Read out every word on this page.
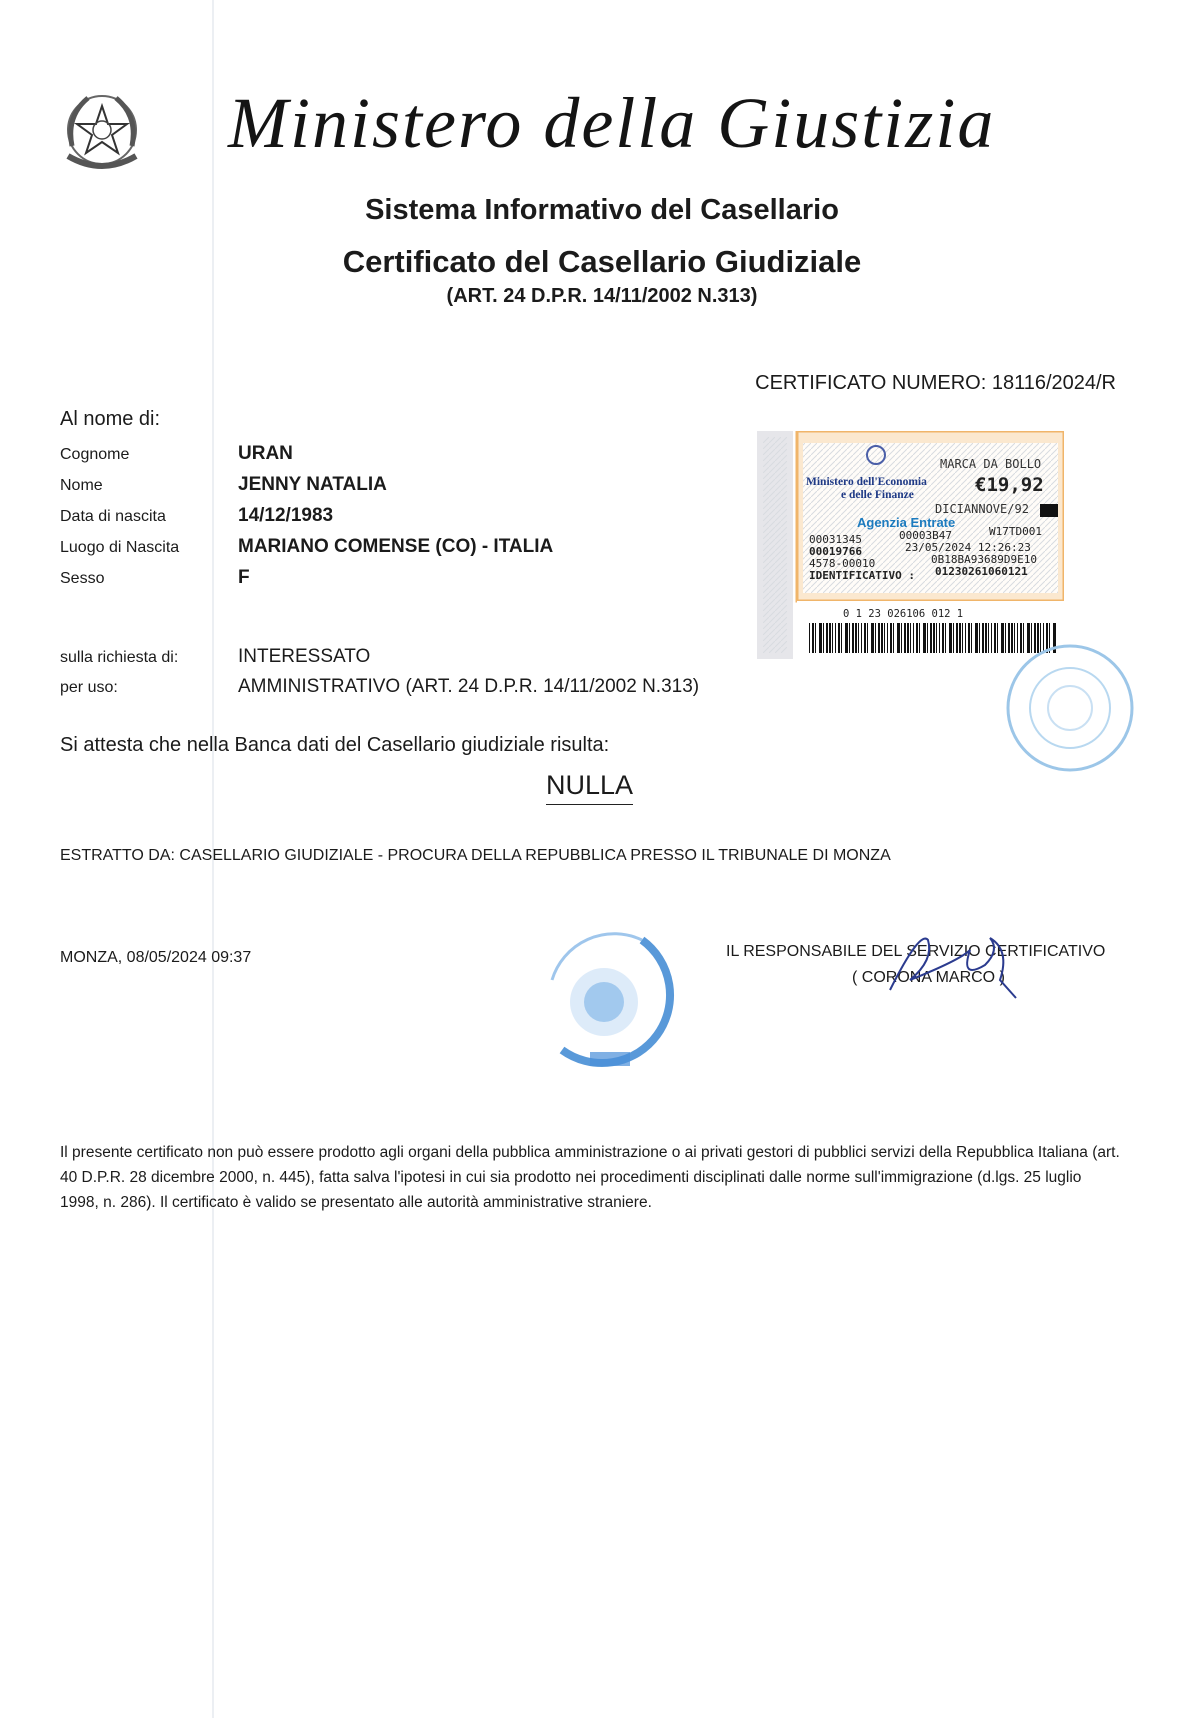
Ministero della Giustizia
Sistema Informativo del Casellario
Certificato del Casellario Giudiziale
(ART. 24 D.P.R. 14/11/2002 N.313)
CERTIFICATO NUMERO: 18116/2024/R
Al nome di:
Cognome	URAN
Nome	JENNY NATALIA
Data di nascita	14/12/1983
Luogo di Nascita	MARIANO COMENSE (CO) - ITALIA
Sesso	F
sulla richiesta di:	INTERESSATO
per uso:	AMMINISTRATIVO (ART. 24 D.P.R. 14/11/2002 N.313)
Si attesta che nella Banca dati del Casellario giudiziale risulta:
NULLA
ESTRATTO DA: CASELLARIO GIUDIZIALE - PROCURA DELLA REPUBBLICA PRESSO IL TRIBUNALE DI MONZA
MONZA, 08/05/2024 09:37	IL RESPONSABILE DEL SERVIZIO CERTIFICATIVO
( CORONA MARCO )
Ministero dell'Economia
e delle Finanze
MARCA DA BOLLO
€19,92
DICIANNOVE/92
Agenzia Entrate
00031345	00003B47	W17TD001
00019766	23/05/2024 12:26:23
4578-00010	0B18BA93689D9E10
IDENTIFICATIVO : 01230261060121
0 1 23 026106 012 1
Il presente certificato non può essere prodotto agli organi della pubblica amministrazione o ai privati gestori di pubblici servizi della Repubblica Italiana (art. 40 D.P.R. 28 dicembre 2000, n. 445), fatta salva l'ipotesi in cui sia prodotto nei procedimenti disciplinati dalle norme sull'immigrazione (d.lgs. 25 luglio 1998, n. 286). Il certificato è valido se presentato alle autorità amministrative straniere.
